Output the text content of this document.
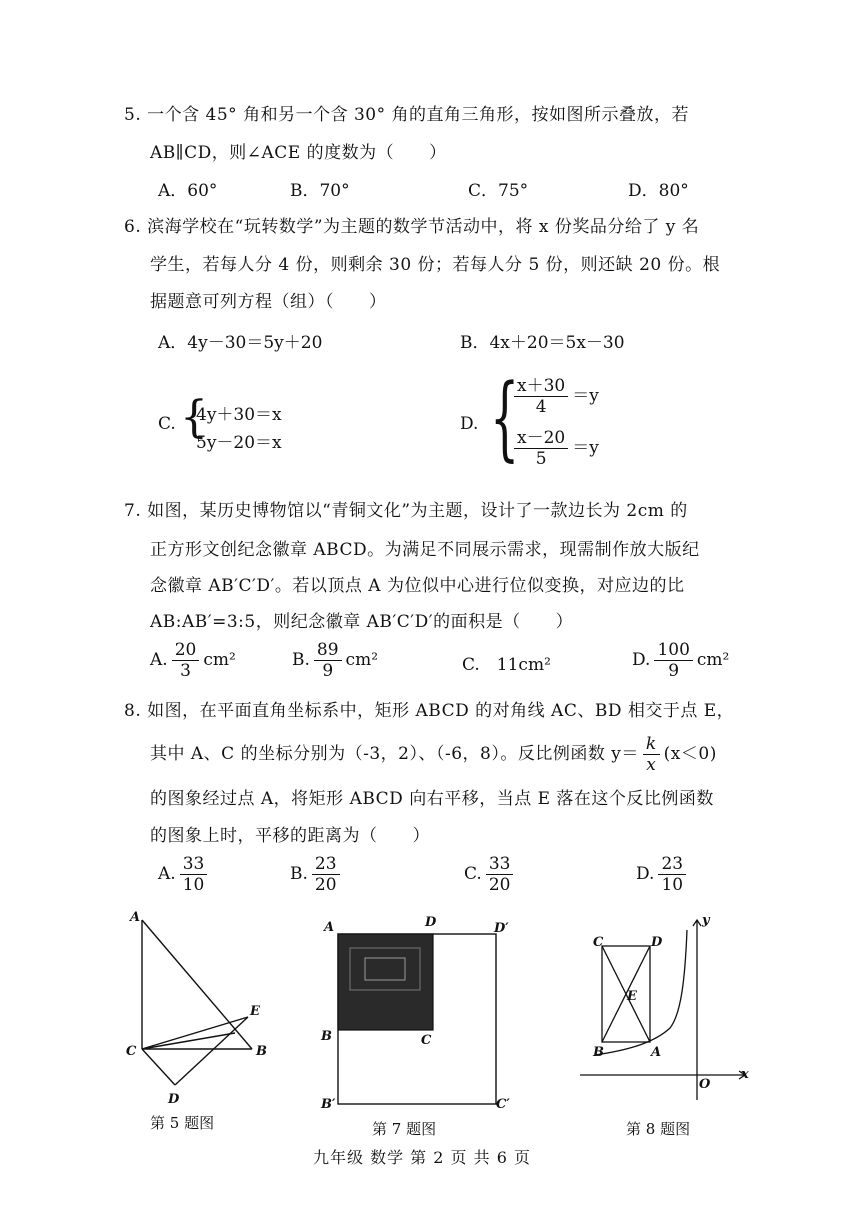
5. 一个含 45° 角和另一个含 30° 角的直角三角形，按如图所示叠放，若
AB∥CD，则∠ACE 的度数为（　　）
A．60°	B．70°	C．75°	D．80°
6. 滨海学校在“玩转数学”为主题的数学节活动中，将 x 份奖品分给了 y 名
学生，若每人分 4 份，则剩余 30 份；若每人分 5 份，则还缺 20 份。根
据题意可列方程（组）（　　）
A．4y－30＝5y＋20	B．4x＋20＝5x－30
C. {
4y＋30＝x
5y－20＝x
D. {
$\frac{x+30}{4} =y$
$\frac{x-20}{5} =y$
7. 如图，某历史博物馆以“青铜文化”为主题，设计了一款边长为 2cm 的
正方形文创纪念徽章 ABCD。为满足不同展示需求，现需制作放大版纪
念徽章 AB′C′D′。若以顶点 A 为位似中心进行位似变换，对应边的比
AB:AB′=3:5，则纪念徽章 AB′C′D′的面积是（　　）
A. $\frac{20}{3} cm^2$	B. $\frac{89}{9} cm^2$	C.　11cm²	D. $\frac{100}{9} cm^2$
8. 如图，在平面直角坐标系中，矩形 ABCD 的对角线 AC、BD 相交于点 E，
其中 A、C 的坐标分别为（-3，2）、（-6，8）。反比例函数 $y= \frac{k}{x} (x<0)$
的图象经过点 A，将矩形 ABCD 向右平移，当点 E 落在这个反比例函数
的图象上时，平移的距离为（　　）
A. $\frac{33}{10}$	B. $\frac{23}{20}$	C. $\frac{33}{20}$	D. $\frac{23}{10}$
A
B
C
D
E
第 5 题图
A	D	D′
B	C
B′	C′
第 7 题图
C	D
E
B	A
O
x
y
第 8 题图
九年级 数学 第 2 页 共 6 页
